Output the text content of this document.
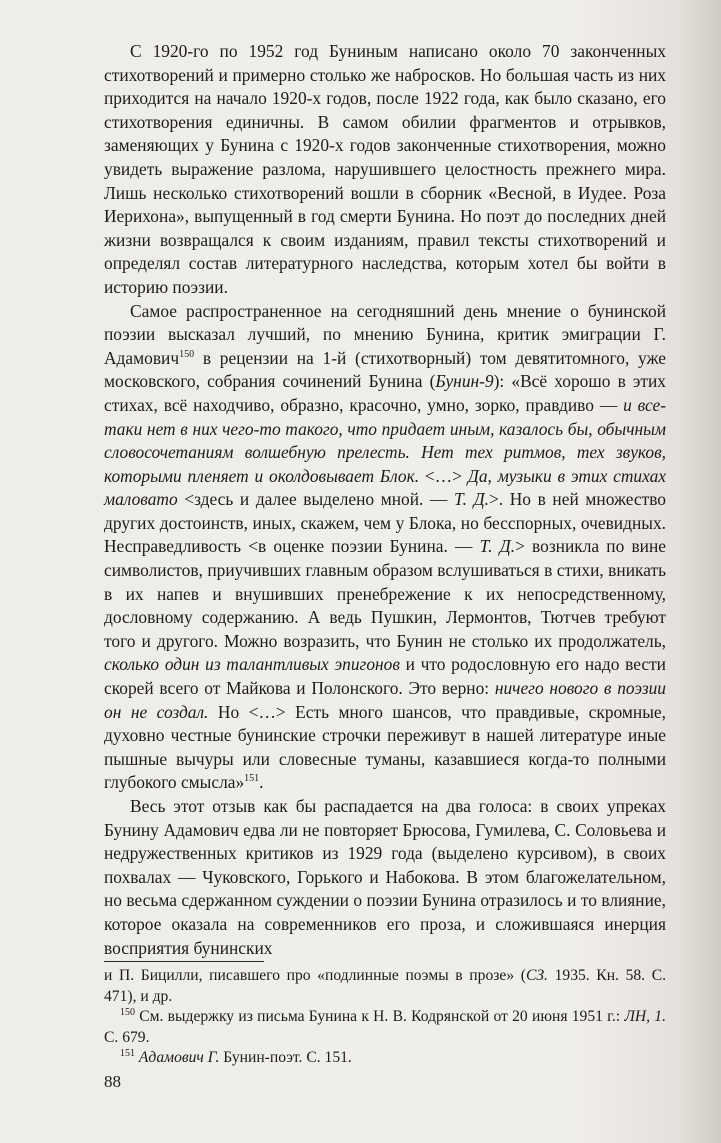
С 1920-го по 1952 год Буниным написано около 70 законченных стихотворений и примерно столько же набросков. Но большая часть из них приходится на начало 1920-х годов, после 1922 года, как было сказано, его стихотворения единичны. В самом обилии фрагментов и отрывков, заменяющих у Бунина с 1920-х годов законченные стихотворения, можно увидеть выражение разлома, нарушившего целостность прежнего мира. Лишь несколько стихотворений вошли в сборник «Весной, в Иудее. Роза Иерихона», выпущенный в год смерти Бунина. Но поэт до последних дней жизни возвращался к своим изданиям, правил тексты стихотворений и определял состав литературного наследства, которым хотел бы войти в историю поэзии.

Самое распространенное на сегодняшний день мнение о бунинской поэзии высказал лучший, по мнению Бунина, критик эмиграции Г. Адамович$^{150}$ в рецензии на 1-й (стихотворный) том девятитомного, уже московского, собрания сочинений Бунина (Бунин-9): «Всё хорошо в этих стихах, всё находчиво, образно, красочно, умно, зорко, правдиво — и все-таки нет в них чего-то такого, что придает иным, казалось бы, обычным словосочетаниям волшебную прелесть. Нет тех ритмов, тех звуков, которыми пленяет и околдовывает Блок. <…> Да, музыки в этих стихах маловато <здесь и далее выделено мной. — Т. Д.>. Но в ней множество других достоинств, иных, скажем, чем у Блока, но бесспорных, очевидных. Несправедливость <в оценке поэзии Бунина. — Т. Д.> возникла по вине символистов, приучивших главным образом вслушиваться в стихи, вникать в их напев и внушивших пренебрежение к их непосредственному, дословному содержанию. А ведь Пушкин, Лермонтов, Тютчев требуют того и другого. Можно возразить, что Бунин не столько их продолжатель, сколько один из талантливых эпигонов и что родословную его надо вести скорей всего от Майкова и Полонского. Это верно: ничего нового в поэзии он не создал. Но <…> Есть много шансов, что правдивые, скромные, духовно честные бунинские строчки переживут в нашей литературе иные пышные вычуры или словесные туманы, казавшиеся когда-то полными глубокого смысла»$^{151}$.

Весь этот отзыв как бы распадается на два голоса: в своих упреках Бунину Адамович едва ли не повторяет Брюсова, Гумилева, С. Соловьева и недружественных критиков из 1929 года (выделено курсивом), в своих похвалах — Чуковского, Горького и Набокова. В этом благожелательном, но весьма сдержанном суждении о поэзии Бунина отразилось и то влияние, которое оказала на современников его проза, и сложившаяся инерция восприятия бунинских

и П. Бицилли, писавшего про «подлинные поэмы в прозе» (СЗ. 1935. Кн. 58. С. 471), и др.

$^{150}$ См. выдержку из письма Бунина к Н. В. Кодрянской от 20 июня 1951 г.: ЛН, 1. С. 679.

$^{151}$ Адамович Г. Бунин-поэт. С. 151.

88
